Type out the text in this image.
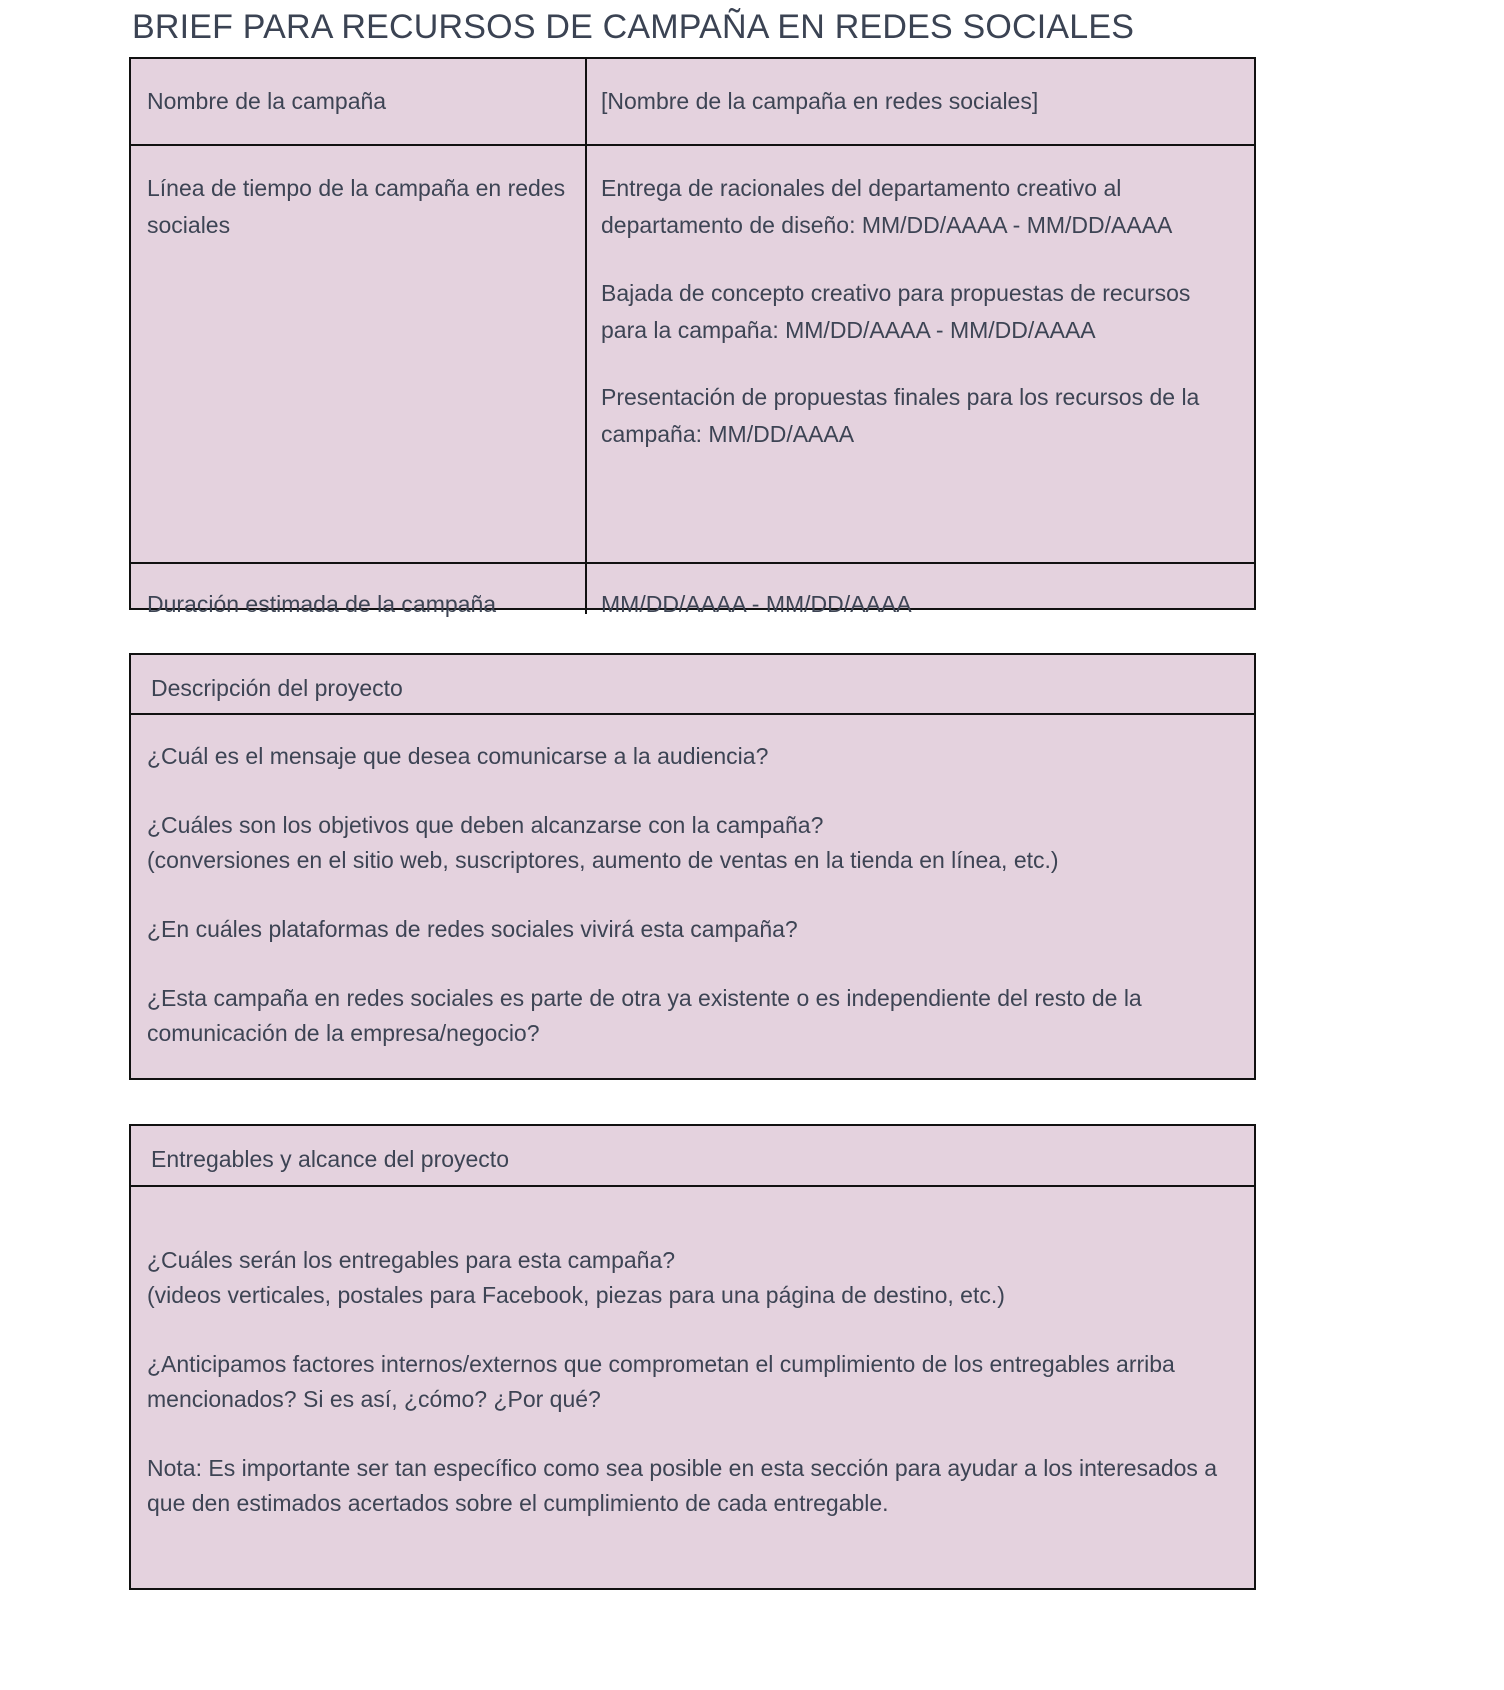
BRIEF PARA RECURSOS DE CAMPAÑA EN REDES SOCIALES
Nombre de la campaña	[Nombre de la campaña en redes sociales]
Línea de tiempo de la campaña en redes sociales

Entrega de racionales del departamento creativo al departamento de diseño: MM/DD/AAAA - MM/DD/AAAA

Bajada de concepto creativo para propuestas de recursos para la campaña: MM/DD/AAAA - MM/DD/AAAA

Presentación de propuestas finales para los recursos de la campaña: MM/DD/AAAA

Duración estimada de la campaña	MM/DD/AAAA - MM/DD/AAAA
Descripción del proyecto

¿Cuál es el mensaje que desea comunicarse a la audiencia?

¿Cuáles son los objetivos que deben alcanzarse con la campaña?
(conversiones en el sitio web, suscriptores, aumento de ventas en la tienda en línea, etc.)

¿En cuáles plataformas de redes sociales vivirá esta campaña?

¿Esta campaña en redes sociales es parte de otra ya existente o es independiente del resto de la comunicación de la empresa/negocio?

Entregables y alcance del proyecto

¿Cuáles serán los entregables para esta campaña?
(videos verticales, postales para Facebook, piezas para una página de destino, etc.)

¿Anticipamos factores internos/externos que comprometan el cumplimiento de los entregables arriba mencionados? Si es así, ¿cómo? ¿Por qué?

Nota: Es importante ser tan específico como sea posible en esta sección para ayudar a los interesados a que den estimados acertados sobre el cumplimiento de cada entregable.
